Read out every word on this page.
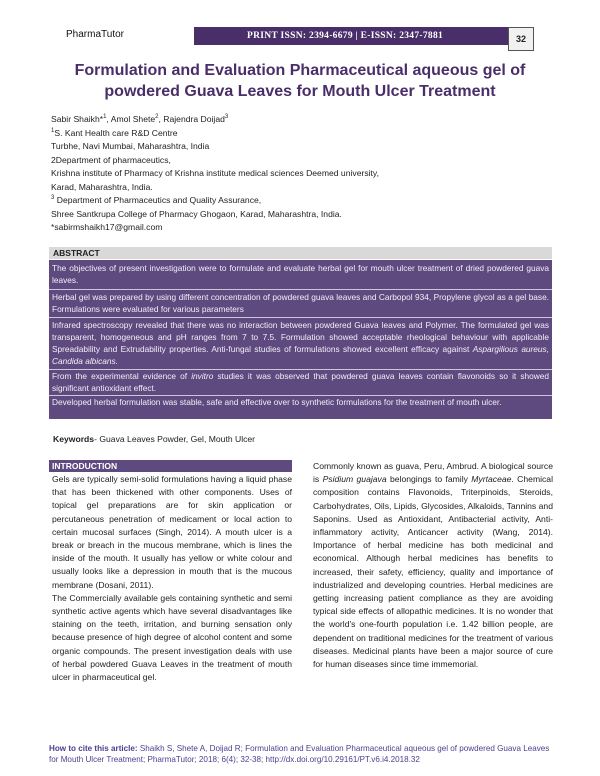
PharmaTutor	PRINT ISSN: 2394-6679 | E-ISSN: 2347-7881	32
Formulation and Evaluation Pharmaceutical aqueous gel of
powdered Guava Leaves for Mouth Ulcer Treatment
Sabir Shaikh*$^1$, Amol Shete$^2$, Rajendra Doijad$^3$
$^1$S. Kant Health care R&D Centre
Turbhe, Navi Mumbai, Maharashtra, India
2Department of pharmaceutics,
Krishna institute of Pharmacy of Krishna institute medical sciences Deemed university,
Karad, Maharashtra, India.
$^3$ Department of Pharmaceutics and Quality Assurance,
Shree Santkrupa College of Pharmacy Ghogaon, Karad, Maharashtra, India.
*sabirmshaikh17@gmail.com
ABSTRACT
The objectives of present investigation were to formulate and evaluate herbal gel for mouth ulcer treatment of dried powdered guava leaves.
Herbal gel was prepared by using different concentration of powdered guava leaves and Carbopol 934, Propylene glycol as a gel base. Formulations were evaluated for various parameters
Infrared spectroscopy revealed that there was no interaction between powdered Guava leaves and Polymer. The formulated gel was transparent, homogeneous and pH ranges from 7 to 7.5. Formulation showed acceptable rheological behaviour with applicable Spreadability and Extrudability properties. Anti-fungal studies of formulations showed excellent efficacy against Aspargilious aureus, Candida albicans.
From the experimental evidence of invitro studies it was observed that powdered guava leaves contain flavonoids so it showed significant antioxidant effect.
Developed herbal formulation was stable, safe and effective over to synthetic formulations for the treatment of mouth ulcer.
Keywords- Guava Leaves Powder, Gel, Mouth Ulcer
INTRODUCTION

Gels are typically semi-solid formulations having a liquid phase that has been thickened with other components. Uses of topical gel preparations are for skin application or percutaneous penetration of medicament or local action to certain mucosal surfaces (Singh, 2014). A mouth ulcer is a break or breach in the mucous membrane, which is lines the inside of the mouth. It usually has yellow or white colour and usually looks like a depression in mouth that is the mucous membrane (Dosani, 2011).

The Commercially available gels containing synthetic and semi synthetic active agents which have several disadvantages like staining on the teeth, irritation, and burning sensation only because presence of high degree of alcohol content and some organic compounds. The present investigation deals with use of herbal powdered Guava Leaves in the treatment of mouth ulcer in pharmaceutical gel.

Commonly known as guava, Peru, Ambrud. A biological source is Psidium guajava belongings to family Myrtaceae. Chemical composition contains Flavonoids, Triterpinoids, Steroids, Carbohydrates, Oils, Lipids, Glycosides, Alkaloids, Tannins and Saponins. Used as Antioxidant, Antibacterial activity, Anti-inflammatory activity, Anticancer activity (Wang, 2014). Importance of herbal medicine has both medicinal and economical. Although herbal medicines has benefits to increased, their safety, efficiency, quality and importance of industrialized and developing countries. Herbal medicines are getting increasing patient compliance as they are avoiding typical side effects of allopathic medicines. It is no wonder that the world's one-fourth population i.e. 1.42 billion people, are dependent on traditional medicines for the treatment of various diseases. Medicinal plants have been a major source of cure for human diseases since time immemorial.

How to cite this article: Shaikh S, Shete A, Doijad R; Formulation and Evaluation Pharmaceutical aqueous gel of powdered Guava Leaves for Mouth Ulcer Treatment; PharmaTutor; 2018; 6(4); 32-38; http://dx.doi.org/10.29161/PT.v6.i4.2018.32
